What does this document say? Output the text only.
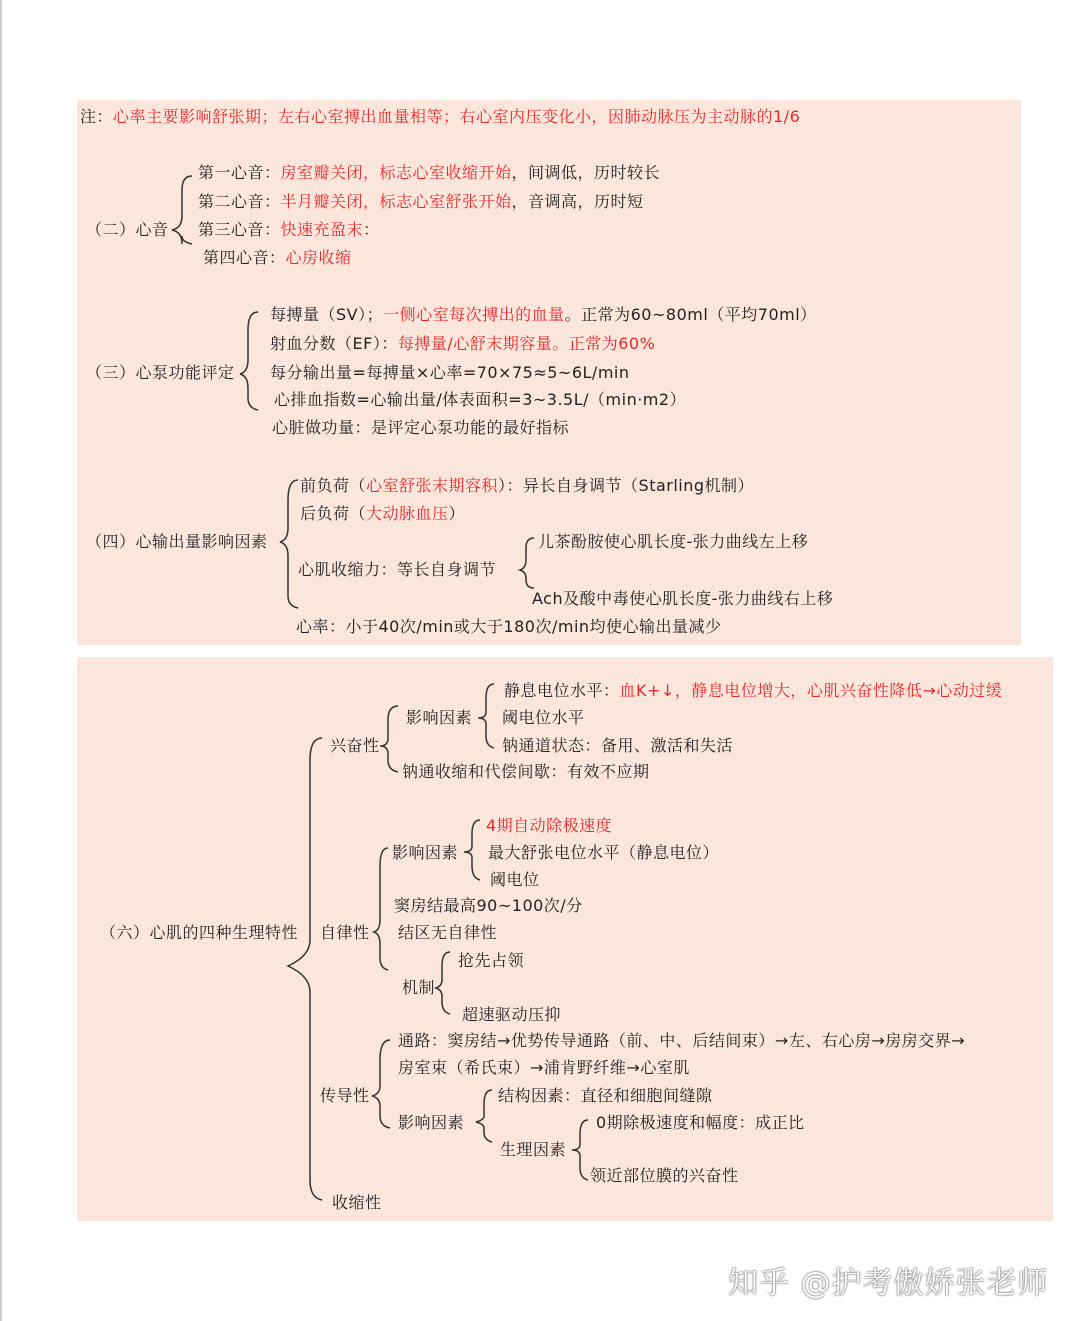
注：心率主要影响舒张期；左右心室搏出血量相等；右心室内压变化小，因肺动脉压为主动脉的1/6
（二）心音
第一心音：房室瓣关闭，标志心室收缩开始，间调低，历时较长
第二心音：半月瓣关闭，标志心室舒张开始，音调高，历时短
第三心音：快速充盈末：
第四心音：心房收缩
（三）心泵功能评定
每搏量（SV）；一侧心室每次搏出的血量。正常为60~80ml（平均70ml）
射血分数（EF）：每搏量/心舒末期容量。正常为60%
每分输出量=每搏量×心率=70×75≈5~6L/min
心排血指数=心输出量/体表面积=3~3.5L/（min·m2）
心脏做功量：是评定心泵功能的最好指标
（四）心输出量影响因素
前负荷（心室舒张末期容积）：异长自身调节（Starling机制）
后负荷（大动脉血压）
心肌收缩力：等长自身调节
儿茶酚胺使心肌长度-张力曲线左上移
Ach及酸中毒使心肌长度-张力曲线右上移
心率：小于40次/min或大于180次/min均使心输出量减少
（六）心肌的四种生理特性
兴奋性
影响因素
静息电位水平：血K+↓，静息电位增大，心肌兴奋性降低→心动过缓
阈电位水平
钠通道状态：备用、激活和失活
钠通收缩和代偿间歇：有效不应期
自律性
影响因素
4期自动除极速度
最大舒张电位水平（静息电位）
阈电位
窦房结最高90~100次/分
结区无自律性
机制
抢先占领
超速驱动压抑
传导性
通路：窦房结→优势传导通路（前、中、后结间束）→左、右心房→房房交界→
房室束（希氏束）→浦肯野纤维→心室肌
影响因素
结构因素：直径和细胞间缝隙
生理因素
0期除极速度和幅度：成正比
领近部位膜的兴奋性
收缩性
知乎 @护考傲娇张老师
